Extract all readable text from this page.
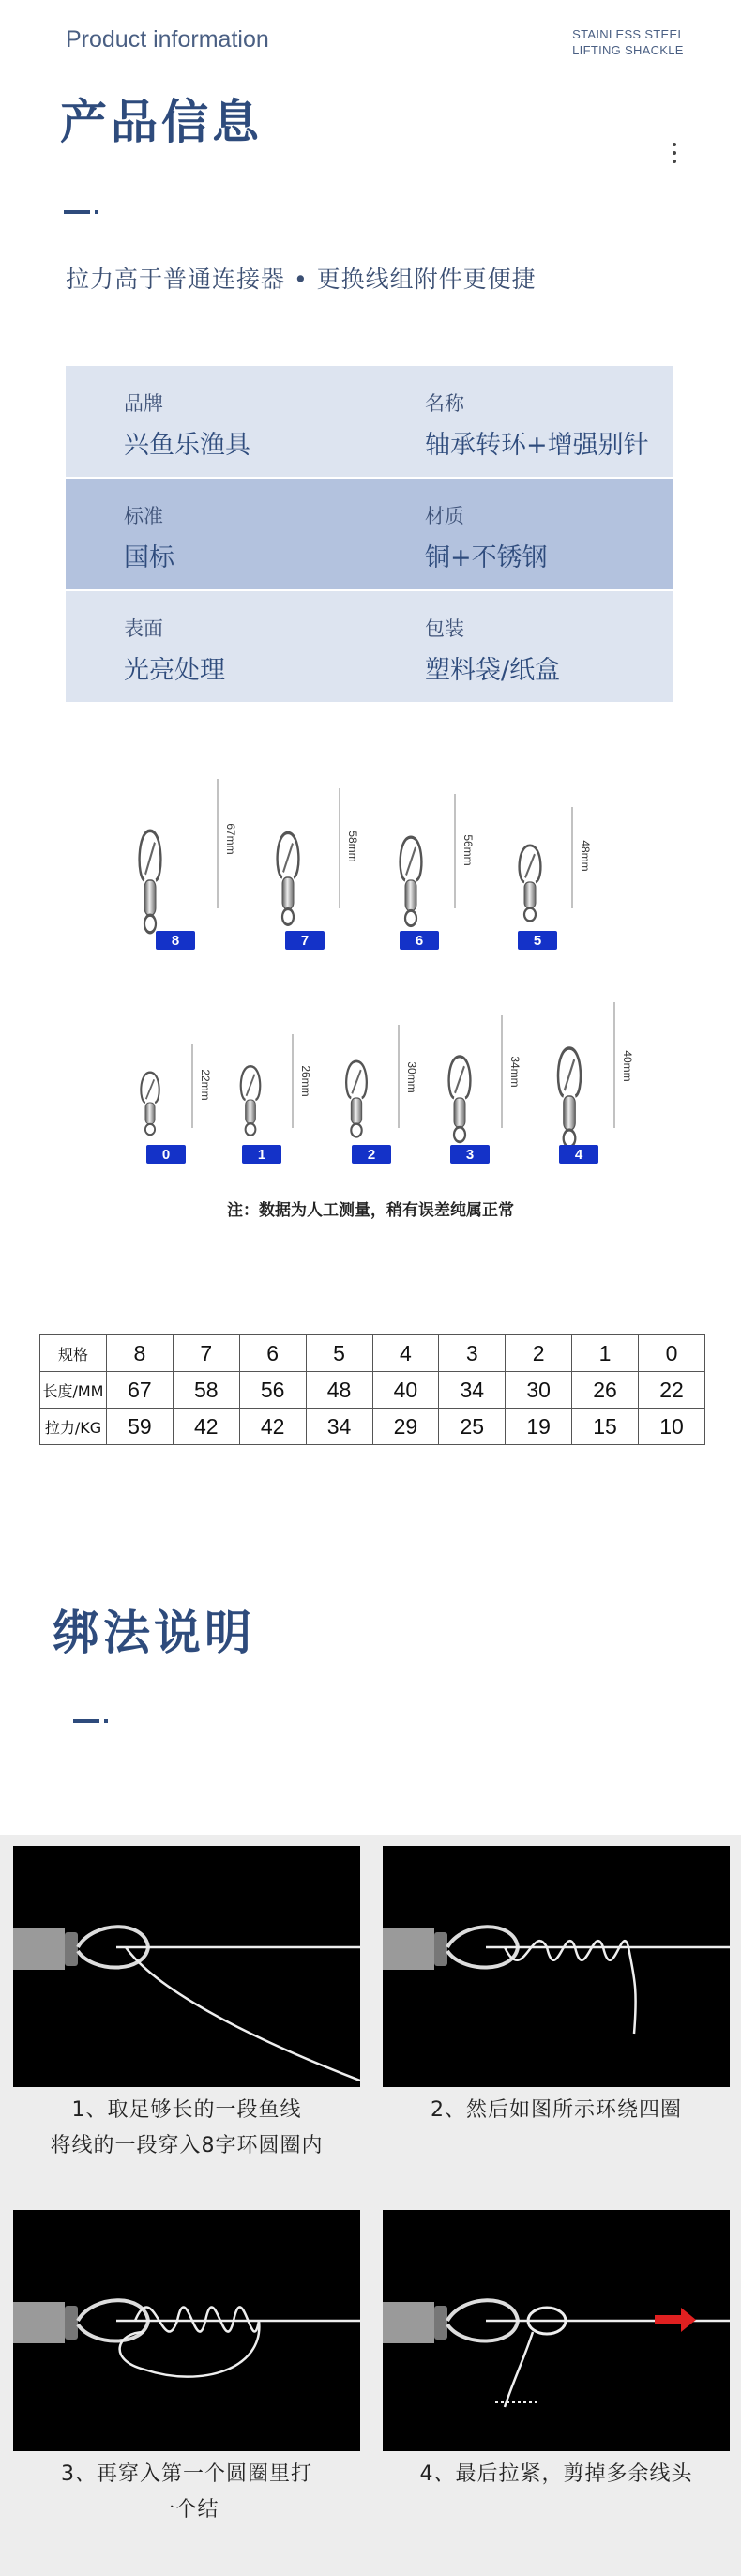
Product information	STAINLESS STEEL
LIFTING SHACKLE
产品信息
拉力高于普通连接器 • 更换线组附件更便捷
品牌
兴鱼乐渔具
名称
轴承转环+增强别针
标准
国标
材质
铜+不锈钢
表面
光亮处理
包装
塑料袋/纸盒
67mm
8
58mm
7
56mm
6
48mm
5
22mm
0
26mm
1
30mm
2
34mm
3
40mm
4
注：数据为人工测量，稍有误差纯属正常
规格	8	7	6	5	4	3	2	1	0
长度/MM	67	58	56	48	40	34	30	26	22
拉力/KG	59	42	42	34	29	25	19	15	10
绑法说明
1、取足够长的一段鱼线
将线的一段穿入8字环圆圈内
2、然后如图所示环绕四圈
3、再穿入第一个圆圈里打
一个结
4、最后拉紧，剪掉多余线头
